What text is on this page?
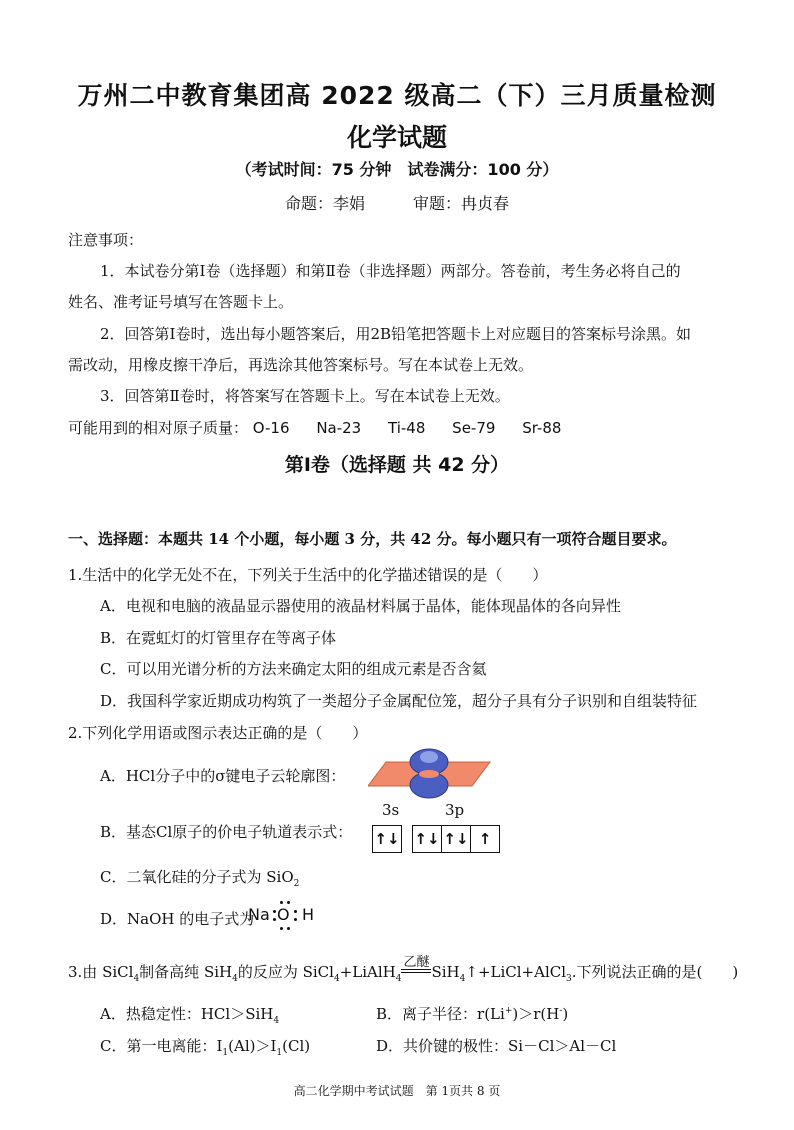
万州二中教育集团高 2022 级高二（下）三月质量检测
化学试题
（考试时间：75 分钟　试卷满分：100 分）
命题：李娟　　　审题：冉贞春
注意事项：
1．本试卷分第Ⅰ卷（选择题）和第Ⅱ卷（非选择题）两部分。答卷前，考生务必将自己的
姓名、准考证号填写在答题卡上。
2．回答第Ⅰ卷时，选出每小题答案后，用2B铅笔把答题卡上对应题目的答案标号涂黑。如
需改动，用橡皮擦干净后，再选涂其他答案标号。写在本试卷上无效。
3．回答第Ⅱ卷时，将答案写在答题卡上。写在本试卷上无效。
可能用到的相对原子质量： O-16 Na-23 Ti-48 Se-79 Sr-88
第Ⅰ卷（选择题 共 42 分）
一、选择题：本题共 14 个小题，每小题 3 分，共 42 分。每小题只有一项符合题目要求。
1.生活中的化学无处不在，下列关于生活中的化学描述错误的是（　　）
A．电视和电脑的液晶显示器使用的液晶材料属于晶体，能体现晶体的各向异性
B．在霓虹灯的灯管里存在等离子体
C．可以用光谱分析的方法来确定太阳的组成元素是否含氦
D．我国科学家近期成功构筑了一类超分子金属配位笼，超分子具有分子识别和自组装特征
2.下列化学用语或图示表达正确的是（　　）
A．HCl分子中的σ键电子云轮廓图：
B．基态Cl原子的价电子轨道表示式：
3s	3p
↑↓ ↑↓ ↑↓ ↑
C．二氧化硅的分子式为 SiO$_2$
D．NaOH 的电子式为
Na O H
3.由 SiCl$_4$制备高纯 SiH$_4$的反应为 SiCl$_4$+LiAlH$_4$
乙醚
SiH$_4$↑+LiCl+AlCl$_3$.下列说法正确的是(　　)
A．热稳定性：HCl＞SiH$_4$	B．离子半径：r(Li+)＞r(H-)
C．第一电离能：$I_1(Al)>I_1(Cl)$	D．共价键的极性：Si－Cl＞Al－Cl
高二化学期中考试试题　第 1页共 8 页
